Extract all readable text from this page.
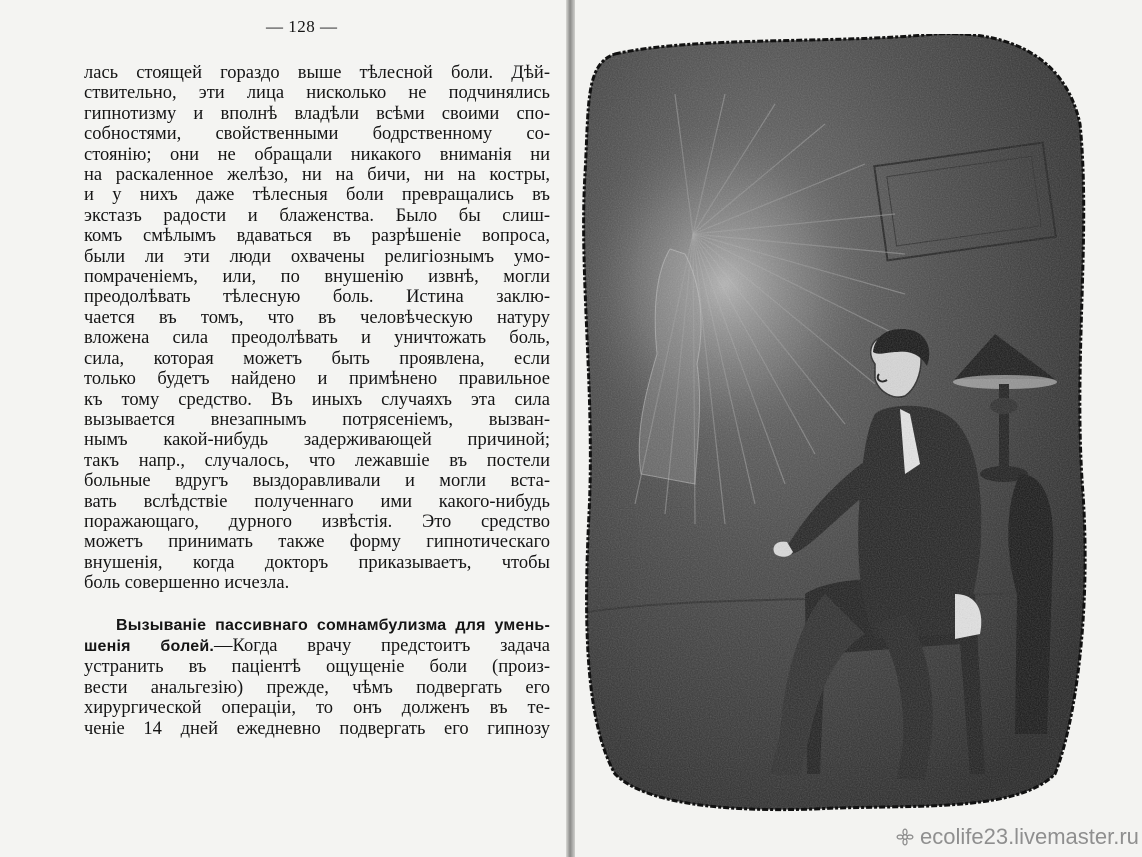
— 128 —
лась стоящей гораздо выше тѣлесной боли. Дѣй-
ствительно, эти лица нисколько не подчинялись
гипнотизму и вполнѣ владѣли всѣми своими спо-
собностями, свойственными бодрственному со-
стоянію; они не обращали никакого вниманія ни
на раскаленное желѣзо, ни на бичи, ни на костры,
и у нихъ даже тѣлесныя боли превращались въ
экстазъ радости и блаженства. Было бы слиш-
комъ смѣлымъ вдаваться въ разрѣшеніе вопроса,
были ли эти люди охвачены религіознымъ умо-
помраченіемъ, или, по внушенію извнѣ, могли
преодолѣвать тѣлесную боль. Истина заклю-
чается въ томъ, что въ человѣческую натуру
вложена сила преодолѣвать и уничтожать боль,
сила, которая можетъ быть проявлена, если
только будетъ найдено и примѣнено правильное
къ тому средство. Въ иныхъ случаяхъ эта сила
вызывается внезапнымъ потрясеніемъ, вызван-
нымъ какой-нибудь задерживающей причиной;
такъ напр., случалось, что лежавшіе въ постели
больные вдругъ выздоравливали и могли вста-
вать вслѣдствіе полученнаго ими какого-нибудь
поражающаго, дурного извѣстія. Это средство
можетъ принимать также форму гипнотическаго
внушенія, когда докторъ приказываетъ, чтобы
боль совершенно исчезла.
Вызываніе пассивнаго сомнамбулизма для умень-
шенія болей.—Когда врачу предстоитъ задача
устранить въ паціентѣ ощущеніе боли (произ-
вести анальгезію) прежде, чѣмъ подвергать его
хирургической операціи, то онъ долженъ въ те-
ченіе 14 дней ежедневно подвергать его гипнозу
ecolife23.livemaster.ru
